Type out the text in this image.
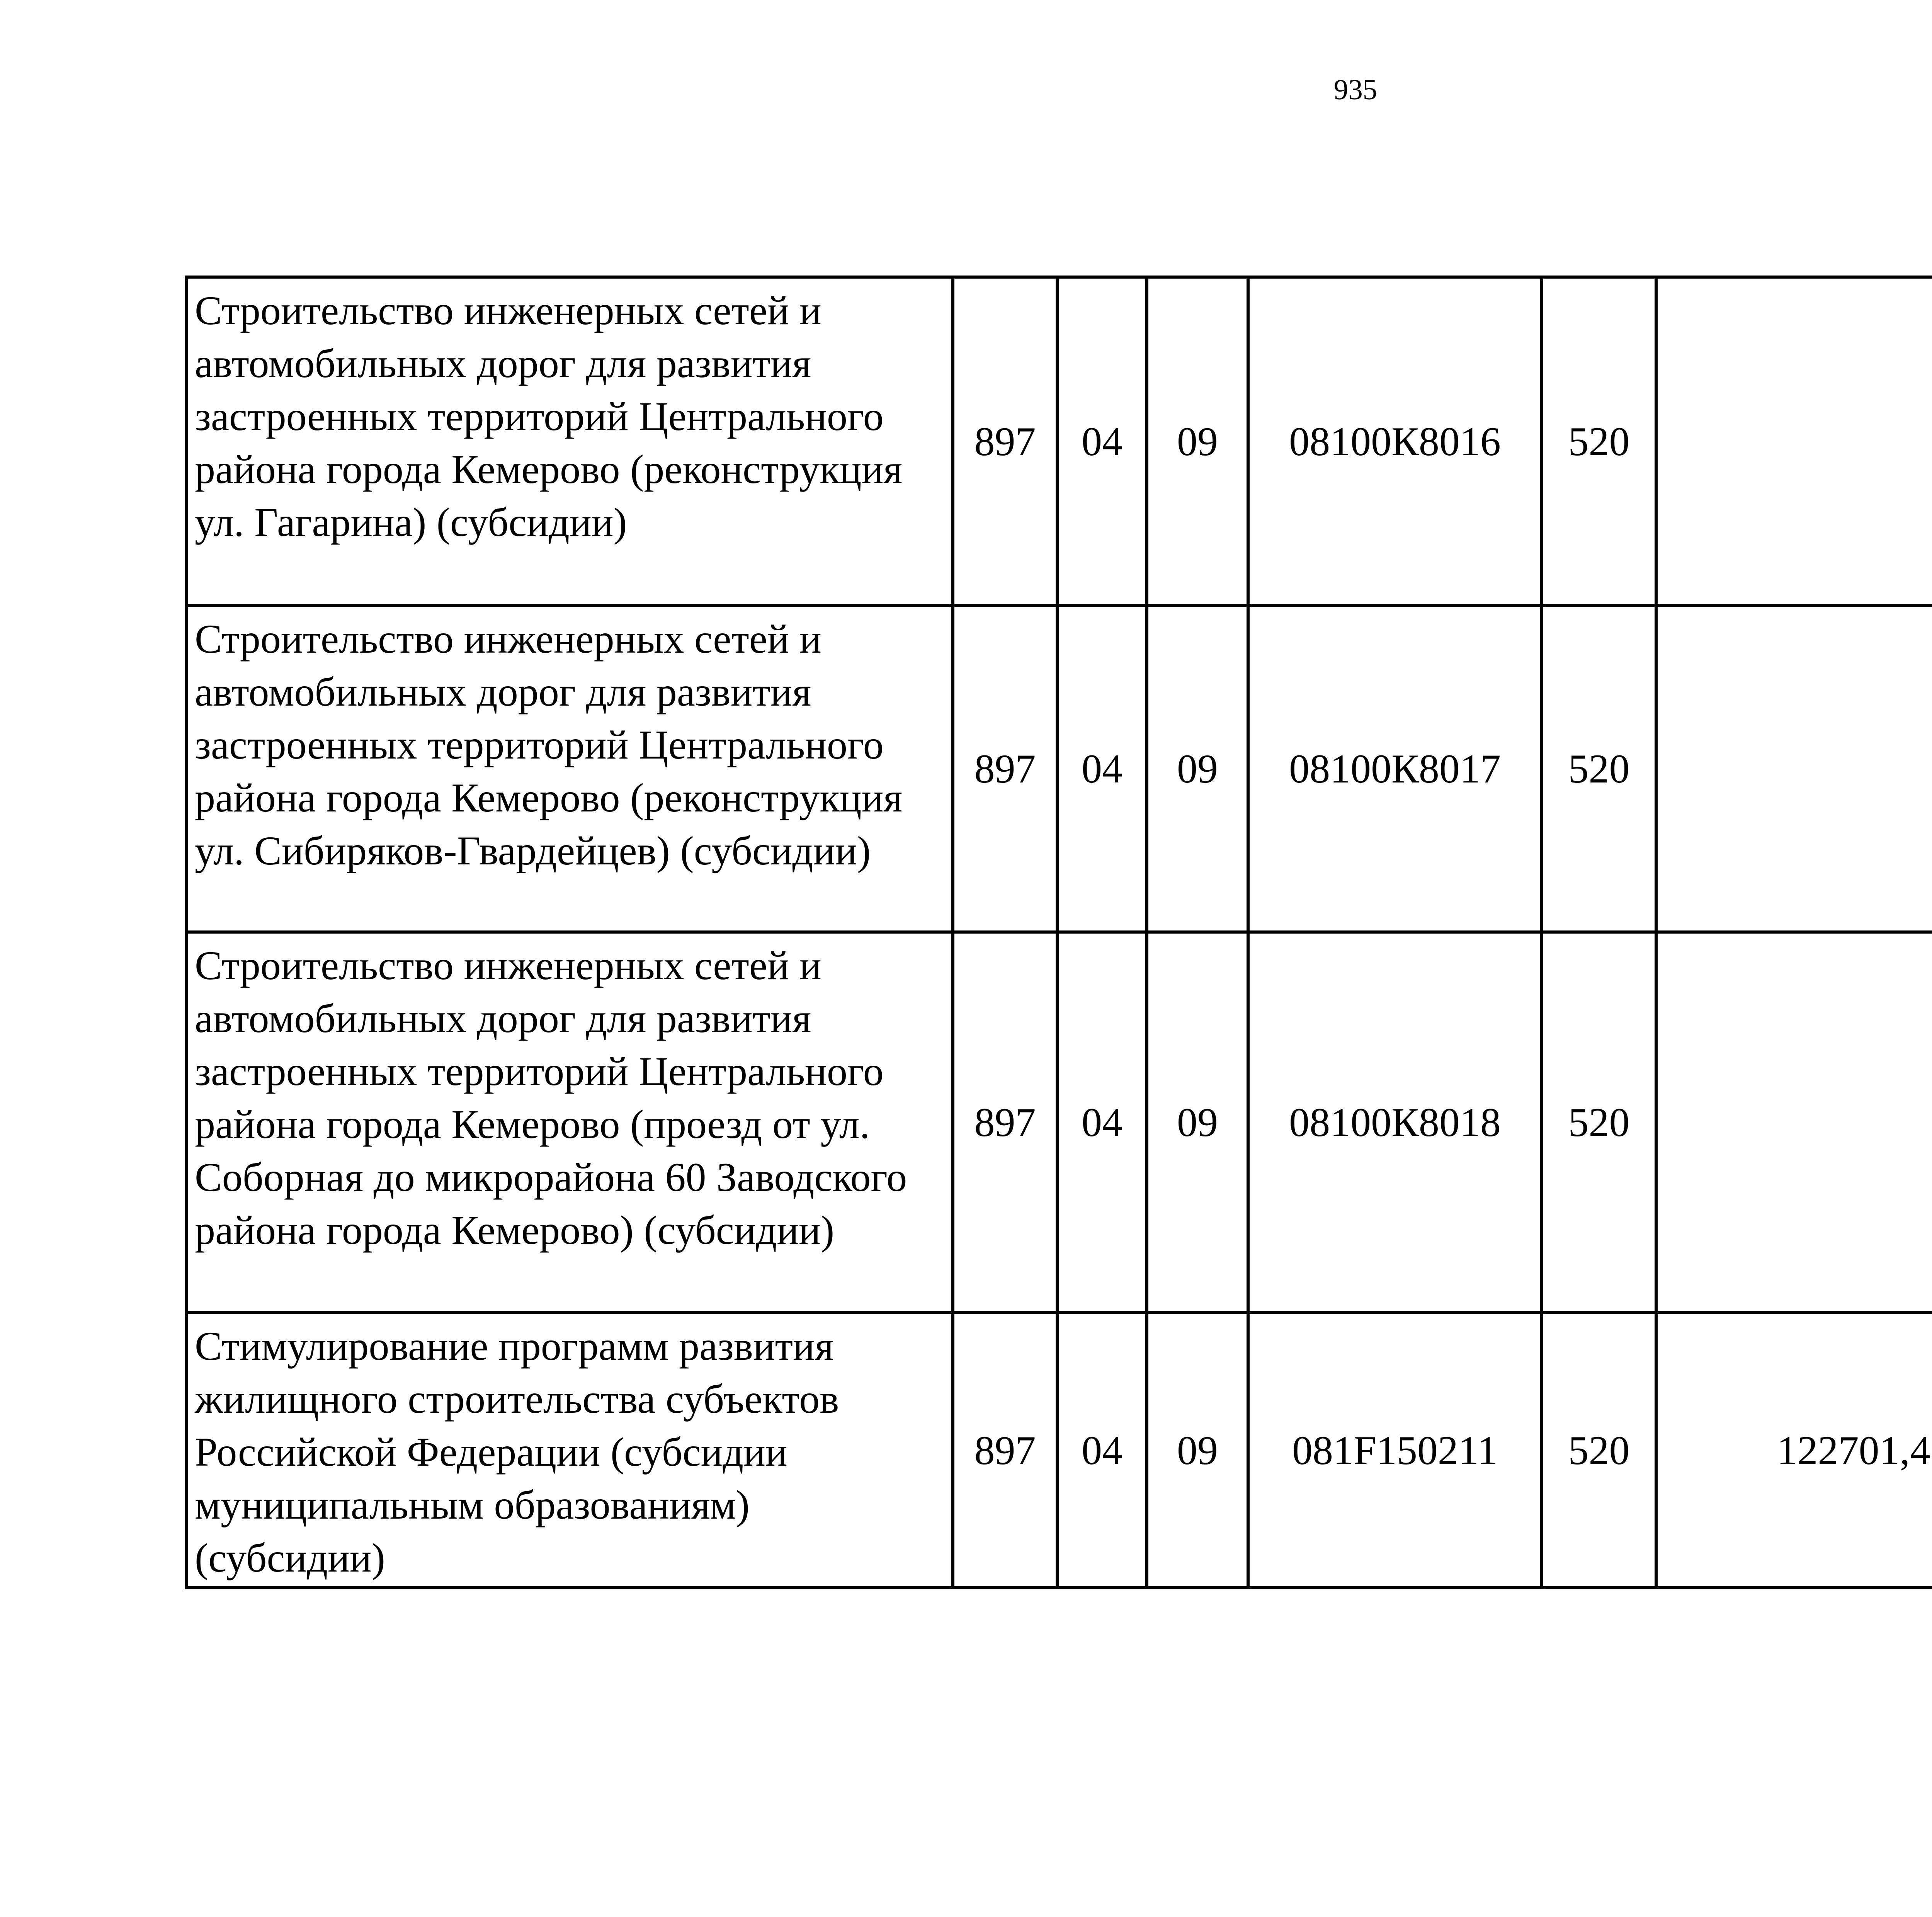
935
Строительство инженерных сетей и автомобильных дорог для развития застроенных территорий Центрального района города Кемерово (реконструкция ул. Гагарина) (субсидии)	897	04	09	08100К8016	520			
Строительство инженерных сетей и автомобильных дорог для развития застроенных территорий Центрального района города Кемерово (реконструкция ул. Сибиряков-Гвардейцев) (субсидии)	897	04	09	08100К8017	520			
Строительство инженерных сетей и автомобильных дорог для развития застроенных территорий Центрального района города Кемерово (проезд от ул. Соборная до микрорайона 60 Заводского района города Кемерово) (субсидии)	897	04	09	08100К8018	520			
Стимулирование программ развития жилищного строительства субъектов Российской Федерации (субсидии муниципальным образованиям) (субсидии)	897	04	09	081F150211	520	122701,4		
